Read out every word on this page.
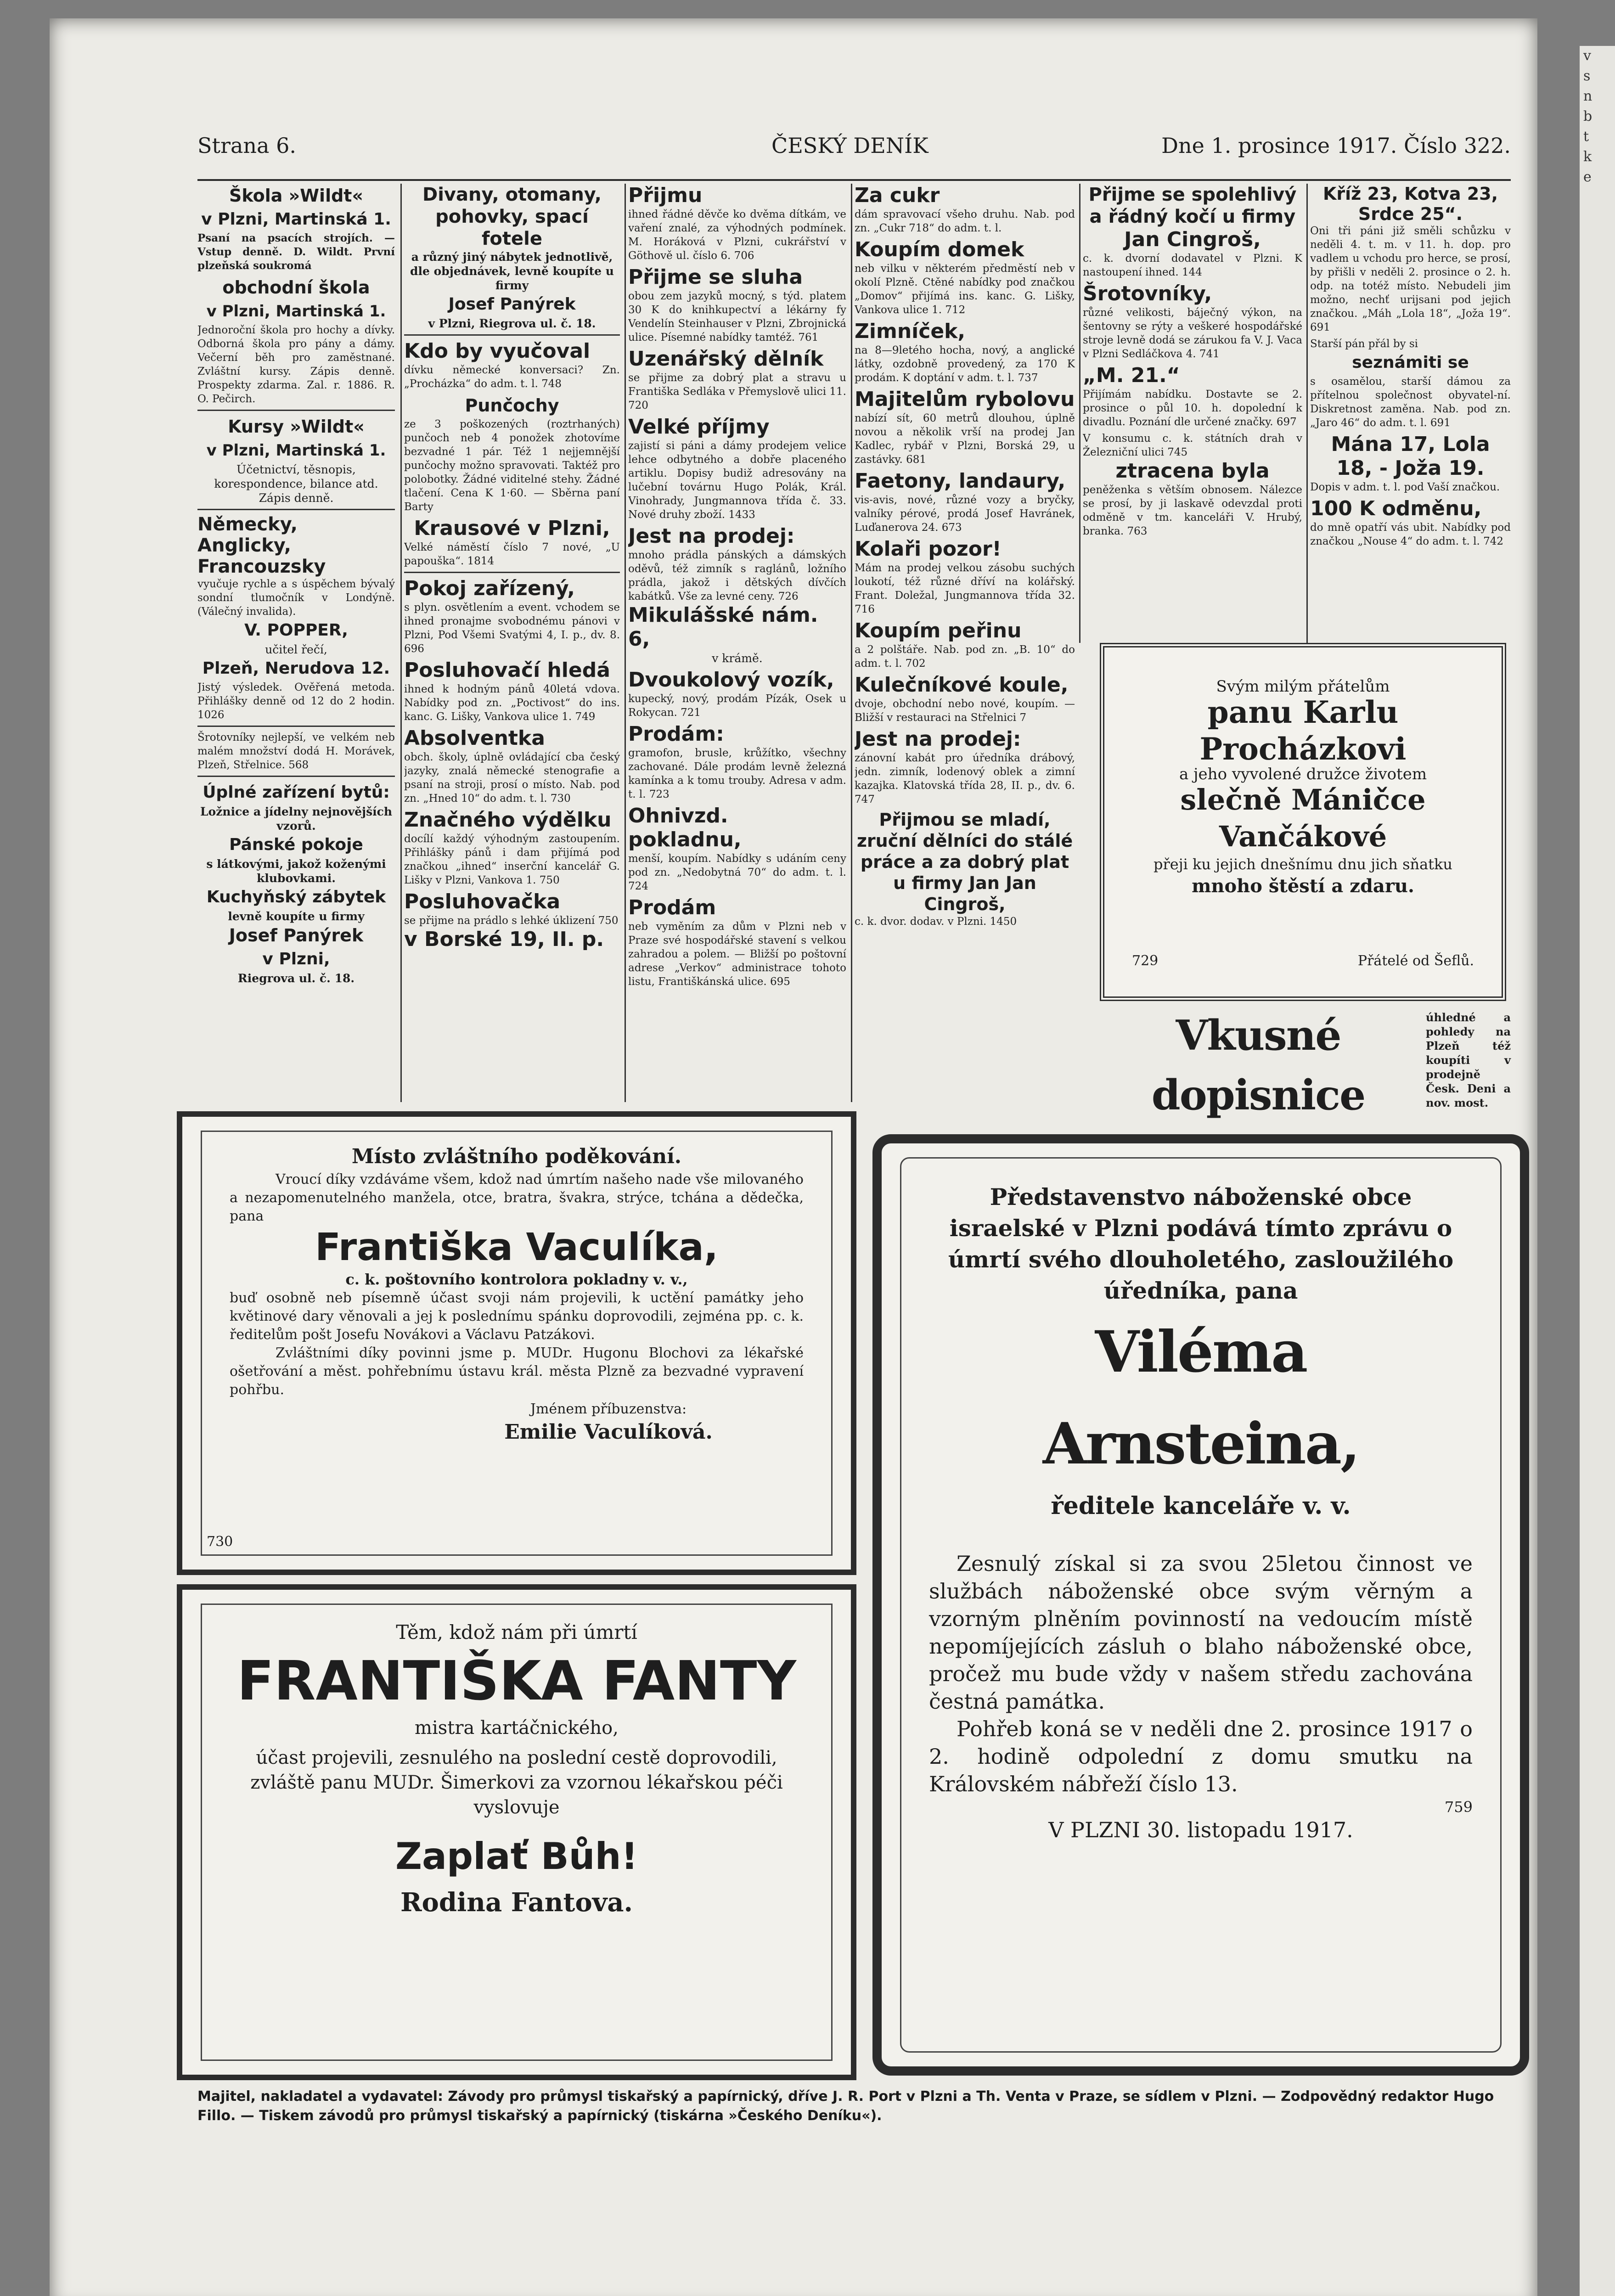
v
s
n
b
t
k
e
Strana 6.	ČESKÝ DENÍK	Dne 1. prosince 1917. Číslo 322.
Škola »Wildt«
v Plzni, Martinská 1.
Psaní na psacích strojích. — Vstup denně. D. Wildt. První plzeňská soukromá
obchodní škola
v Plzni, Martinská 1.
Jednoroční škola pro hochy a dívky. Odborná škola pro pány a dámy. Večerní běh pro zaměstnané. Zvláštní kursy. Zápis denně. Prospekty zdarma. Zal. r. 1886. R. O. Pečirch.
Kursy »Wildt«
v Plzni, Martinská 1.
Účetnictví, těsnopis, korespondence, bilance atd. Zápis denně.
Německy, Anglicky, Francouzsky
vyučuje rychle a s úspěchem bývalý sondní tlumočník v Londýně. (Válečný invalida).
V. POPPER,
učitel řečí,
Plzeň, Nerudova 12.
Jistý výsledek. Ověřená metoda. Přihlášky denně od 12 do 2 hodin. 1026
Šrotovníky nejlepší, ve velkém neb malém množství dodá H. Morávek, Plzeň, Střelnice. 568
Úplné zařízení bytů:
Ložnice a jídelny nejnovějších vzorů.
Pánské pokoje
s látkovými, jakož koženými klubovkami.
Kuchyňský zábytek
levně koupíte u firmy
Josef Panýrek
v Plzni,
Riegrova ul. č. 18.
Divany, otomany, pohovky, spací fotele
a různý jiný nábytek jednotlivě, dle objednávek, levně koupíte u firmy
Josef Panýrek
v Plzni, Riegrova ul. č. 18.
Kdo by vyučoval
dívku německé konversaci? Zn. „Procházka“ do adm. t. l. 748
Punčochy
ze 3 poškozených (roztrhaných) punčoch neb 4 ponožek zhotovíme bezvadné 1 pár. Též 1 nejjemnější punčochy možno spravovati. Taktéž pro polobotky. Žádné viditelné stehy. Žádné tlačení. Cena K 1·60. — Sběrna paní Barty
Krausové v Plzni,
Velké náměstí číslo 7 nové, „U papouška“. 1814
Pokoj zařízený,
s plyn. osvětlením a event. vchodem se ihned pronajme svobodnému pánovi v Plzni, Pod Všemi Svatými 4, I. p., dv. 8. 696
Posluhovačí hledá
ihned k hodným pánů 40letá vdova. Nabídky pod zn. „Poctivost“ do ins. kanc. G. Lišky, Vankova ulice 1. 749
Absolventka
obch. školy, úplně ovládající cba český jazyky, znalá německé stenografie a psaní na stroji, prosí o místo. Nab. pod zn. „Hned 10“ do adm. t. l. 730
Značného výdělku
docílí každý výhodným zastoupením. Přihlášky pánů i dam přijímá pod značkou „ihned“ inserční kancelář G. Lišky v Plzni, Vankova 1. 750
Posluhovačka
se přijme na prádlo s lehké úklizení 750
v Borské 19, II. p.
Přijmu
ihned řádné děvče ko dvěma dítkám, ve vaření znalé, za výhodných podmínek. M. Horáková v Plzni, cukrářství v Göthově ul. číslo 6. 706
Přijme se sluha
obou zem jazyků mocný, s týd. platem 30 K do knihkupectví a lékárny fy Vendelín Steinhauser v Plzni, Zbrojnická ulice. Písemné nabídky tamtéž. 761
Uzenářský dělník
se přijme za dobrý plat a stravu u Františka Sedláka v Přemyslově ulici 11. 720
Velké příjmy
zajistí si páni a dámy prodejem velice lehce odbytného a dobře placeného artiklu. Dopisy budiž adresovány na lučební továrnu Hugo Polák, Král. Vinohrady, Jungmannova třída č. 33. Nové druhy zboží. 1433
Jest na prodej:
mnoho prádla pánských a dámských oděvů, též zimník s raglánů, ložního prádla, jakož i dětských dívčích kabátků. Vše za levné ceny. 726
Mikulášské nám. 6,
v krámě.
Dvoukolový vozík,
kupecký, nový, prodám Pízák, Osek u Rokycan. 721
Prodám:
gramofon, brusle, krůžítko, všechny zachované. Dále prodám levně železná kamínka a k tomu trouby. Adresa v adm. t. l. 723
Ohnivzd. pokladnu,
menší, koupím. Nabídky s udáním ceny pod zn. „Nedobytná 70“ do adm. t. l. 724
Prodám
neb vyměním za dům v Plzni neb v Praze své hospodářské stavení s velkou zahradou a polem. — Bližší po poštovní adrese „Verkov“ administrace tohoto listu, Františkánská ulice. 695
Za cukr
dám spravovací všeho druhu. Nab. pod zn. „Cukr 718“ do adm. t. l.
Koupím domek
neb vilku v některém předměstí neb v okolí Plzně. Ctěné nabídky pod značkou „Domov“ přijímá ins. kanc. G. Lišky, Vankova ulice 1. 712
Zimníček,
na 8—9letého hocha, nový, a anglické látky, ozdobně provedený, za 170 K prodám. K doptání v adm. t. l. 737
Majitelům rybolovu
nabízí sít, 60 metrů dlouhou, úplně novou a několik vrší na prodej Jan Kadlec, rybář v Plzni, Borská 29, u zastávky. 681
Faetony, landaury,
vis-avis, nové, různé vozy a bryčky, valníky pérové, prodá Josef Havránek, Luďanerova 24. 673
Kolaři pozor!
Mám na prodej velkou zásobu suchých loukotí, též různé dříví na kolářský. Frant. Doležal, Jungmannova třída 32. 716
Koupím peřinu
a 2 polštáře. Nab. pod zn. „B. 10“ do adm. t. l. 702
Kulečníkové koule,
dvoje, obchodní nebo nové, koupím. — Bližší v restauraci na Střelnici 7
Jest na prodej:
zánovní kabát pro úředníka drábový, jedn. zimník, lodenový oblek a zimní kazajka. Klatovská třída 28, II. p., dv. 6. 747
Přijmou se mladí, zruční dělníci do stálé práce a za dobrý plat u firmy Jan Jan Cingroš,
c. k. dvor. dodav. v Plzni. 1450
Přijme se spolehlivý a řádný kočí u firmy
Jan Cingroš,
c. k. dvorní dodavatel v Plzni. K nastoupení ihned. 144
Šrotovníky,
různé velikosti, báječný výkon, na šentovny se rýty a veškeré hospodářské stroje levně dodá se zárukou fa V. J. Vaca v Plzni Sedláčkova 4. 741
„M. 21.“
Přijímám nabídku. Dostavte se 2. prosince o půl 10. h. dopolední k divadlu. Poznání dle určené značky. 697
V konsumu c. k. státních drah v Železniční ulici 745
ztracena byla
peněženka s větším obnosem. Nálezce se prosí, by ji laskavě odevzdal proti odměně v tm. kanceláři V. Hrubý, branka. 763
Kříž 23, Kotva 23, Srdce 25“.
Oni tři páni již směli schůzku v neděli 4. t. m. v 11. h. dop. pro vadlem u vchodu pro herce, se prosí, by přišli v neděli 2. prosince o 2. h. odp. na totéž místo. Nebudeli jim možno, nechť urijsani pod jejich značkou. „Máh „Lola 18“, „Joža 19“. 691
Starší pán přál by si
seznámiti se
s osamělou, starší dámou za přítelnou společnost obyvatel-ní. Diskretnost zaměna. Nab. pod zn. „Jaro 46“ do adm. t. l. 691
Mánа 17, Lola 18, - Joža 19.
Dopis v adm. t. l. pod Vaší značkou.
100 K odměnu,
do mně opatří vás ubit. Nabídky pod značkou „Nouse 4“ do adm. t. l. 742
Svým milým přátelům
panu Karlu Procházkovi
a jeho vyvolené družce životem
slečně Máničce Vančákové
přeji ku jejich dnešnímu dnu jich sňatku
mnoho štěstí a zdaru.
729	Přátelé od Šeflů.
Vkusné dopisnice
úhledné a pohledy na Plzeň též koupíti v prodejně Česk. Deni a nov. most.
Místo zvláštního poděkování.
Vroucí díky vzdáváme všem, kdož nad úmrtím našeho nade vše milovaného a nezapomenutelného manžela, otce, bratra, švakra, strýce, tchána a dědečka, pana
Františka Vaculíka,
c. k. poštovního kontrolora pokladny v. v.,
buď osobně neb písemně účast svoji nám projevili, k uctění památky jeho květinové dary věnovali a jej k poslednímu spánku doprovodili, zejména pp. c. k. ředitelům pošt Josefu Novákovi a Václavu Patzákovi.
Zvláštními díky povinni jsme p. MUDr. Hugonu Blochovi za lékařské ošetřování a měst. pohřebnímu ústavu král. města Plzně za bezvadné vypravení pohřbu.
Jménem příbuzenstva:
Emilie Vaculíková.
730
Těm, kdož nám při úmrtí
FRANTIŠKA FANTY
mistra kartáčnického,
účast projevili, zesnulého na poslední cestě doprovodili, zvláště panu MUDr. Šimerkovi za vzornou lékařskou péči vyslovuje
Zaplať Bůh!
Rodina Fantova.
Představenstvo náboženské obce israelské v Plzni podává tímto zprávu o úmrtí svého dlouholetého, zasloužilého úředníka, pana
Viléma Arnsteina,
ředitele kanceláře v. v.
Zesnulý získal si za svou 25letou činnost ve službách náboženské obce svým věrným a vzorným plněním povinností na vedoucím místě nepomíjejících zásluh o blaho náboženské obce, pročež mu bude vždy v našem středu zachována čestná památka.
Pohřeb koná se v neděli dne 2. prosince 1917 o 2. hodině odpolední z domu smutku na Královském nábřeží číslo 13.
759
V PLZNI 30. listopadu 1917.
Majitel, nakladatel a vydavatel: Závody pro průmysl tiskařský a papírnický, dříve J. R. Port v Plzni a Th. Venta v Praze, se sídlem v Plzni. — Zodpovědný redaktor Hugo Fillo. — Tiskem závodů pro průmysl tiskařský a papírnický (tiskárna »Českého Deníku«).
